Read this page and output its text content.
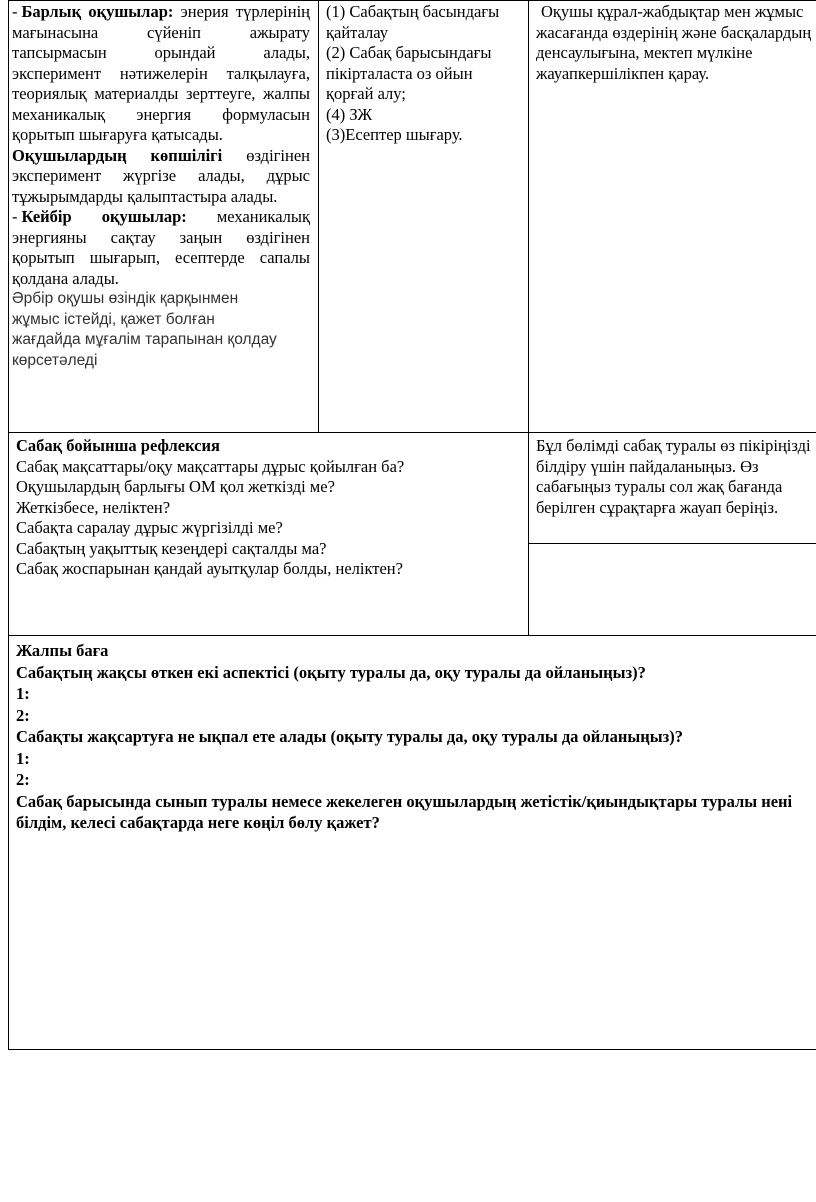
- Барлық оқушылар: энерия түрлерінің мағынасына сүйеніп ажырату тапсырмасын орындай алады, эксперимент нәтижелерін талқылауға, теориялық материалды зерттеуге, жалпы механикалық энергия формуласын қорытып шығаруға қатысады.

Оқушылардың көпшілігі өздігінен эксперимент жүргізе алады, дұрыс тұжырымдарды қалыптастыра алады.

- Кейбір оқушылар: механикалық энергияны сақтау заңын өздігінен қорытып шығарып, есептерде сапалы қолдана алады.

Әрбір оқушы өзіндік қарқынмен жұмыс істейді, қажет болған жағдайда мұғалім тарапынан қолдау көрсетәледі

(1) Сабақтың басындағы қайталау

(2) Сабақ барысындағы пікірталаста оз ойын қорғай алу;

(4) ЗЖ

(3)Есептер шығару.

Оқушы құрал-жабдықтар мен жұмыс жасағанда өздерінің және басқалардың денсаулығына, мектеп мүлкіне жауапкершілікпен қарау.

Сабақ бойынша рефлексия

Сабақ мақсаттары/оқу мақсаттары дұрыс қойылған ба?

Оқушылардың барлығы ОМ қол жеткізді ме?

Жеткізбесе, неліктен?

Сабақта саралау дұрыс жүргізілді ме?

Сабақтың уақыттық кезеңдері сақталды ма?

Сабақ жоспарынан қандай ауытқулар болды, неліктен?

Бұл бөлімді сабақ туралы өз пікіріңізді білдіру үшін пайдаланыңыз. Өз сабағыңыз туралы сол жақ бағанда берілген сұрақтарға жауап беріңіз.

Жалпы баға

Сабақтың жақсы өткен екі аспектісі (оқыту туралы да, оқу туралы да ойланыңыз)?

1:

2:

Сабақты жақсартуға не ықпал ете алады (оқыту туралы да, оқу туралы да ойланыңыз)?

1:

2:

Сабақ барысында сынып туралы немесе жекелеген оқушылардың жетістік/қиындықтары туралы нені білдім, келесі сабақтарда неге көңіл бөлу қажет?
